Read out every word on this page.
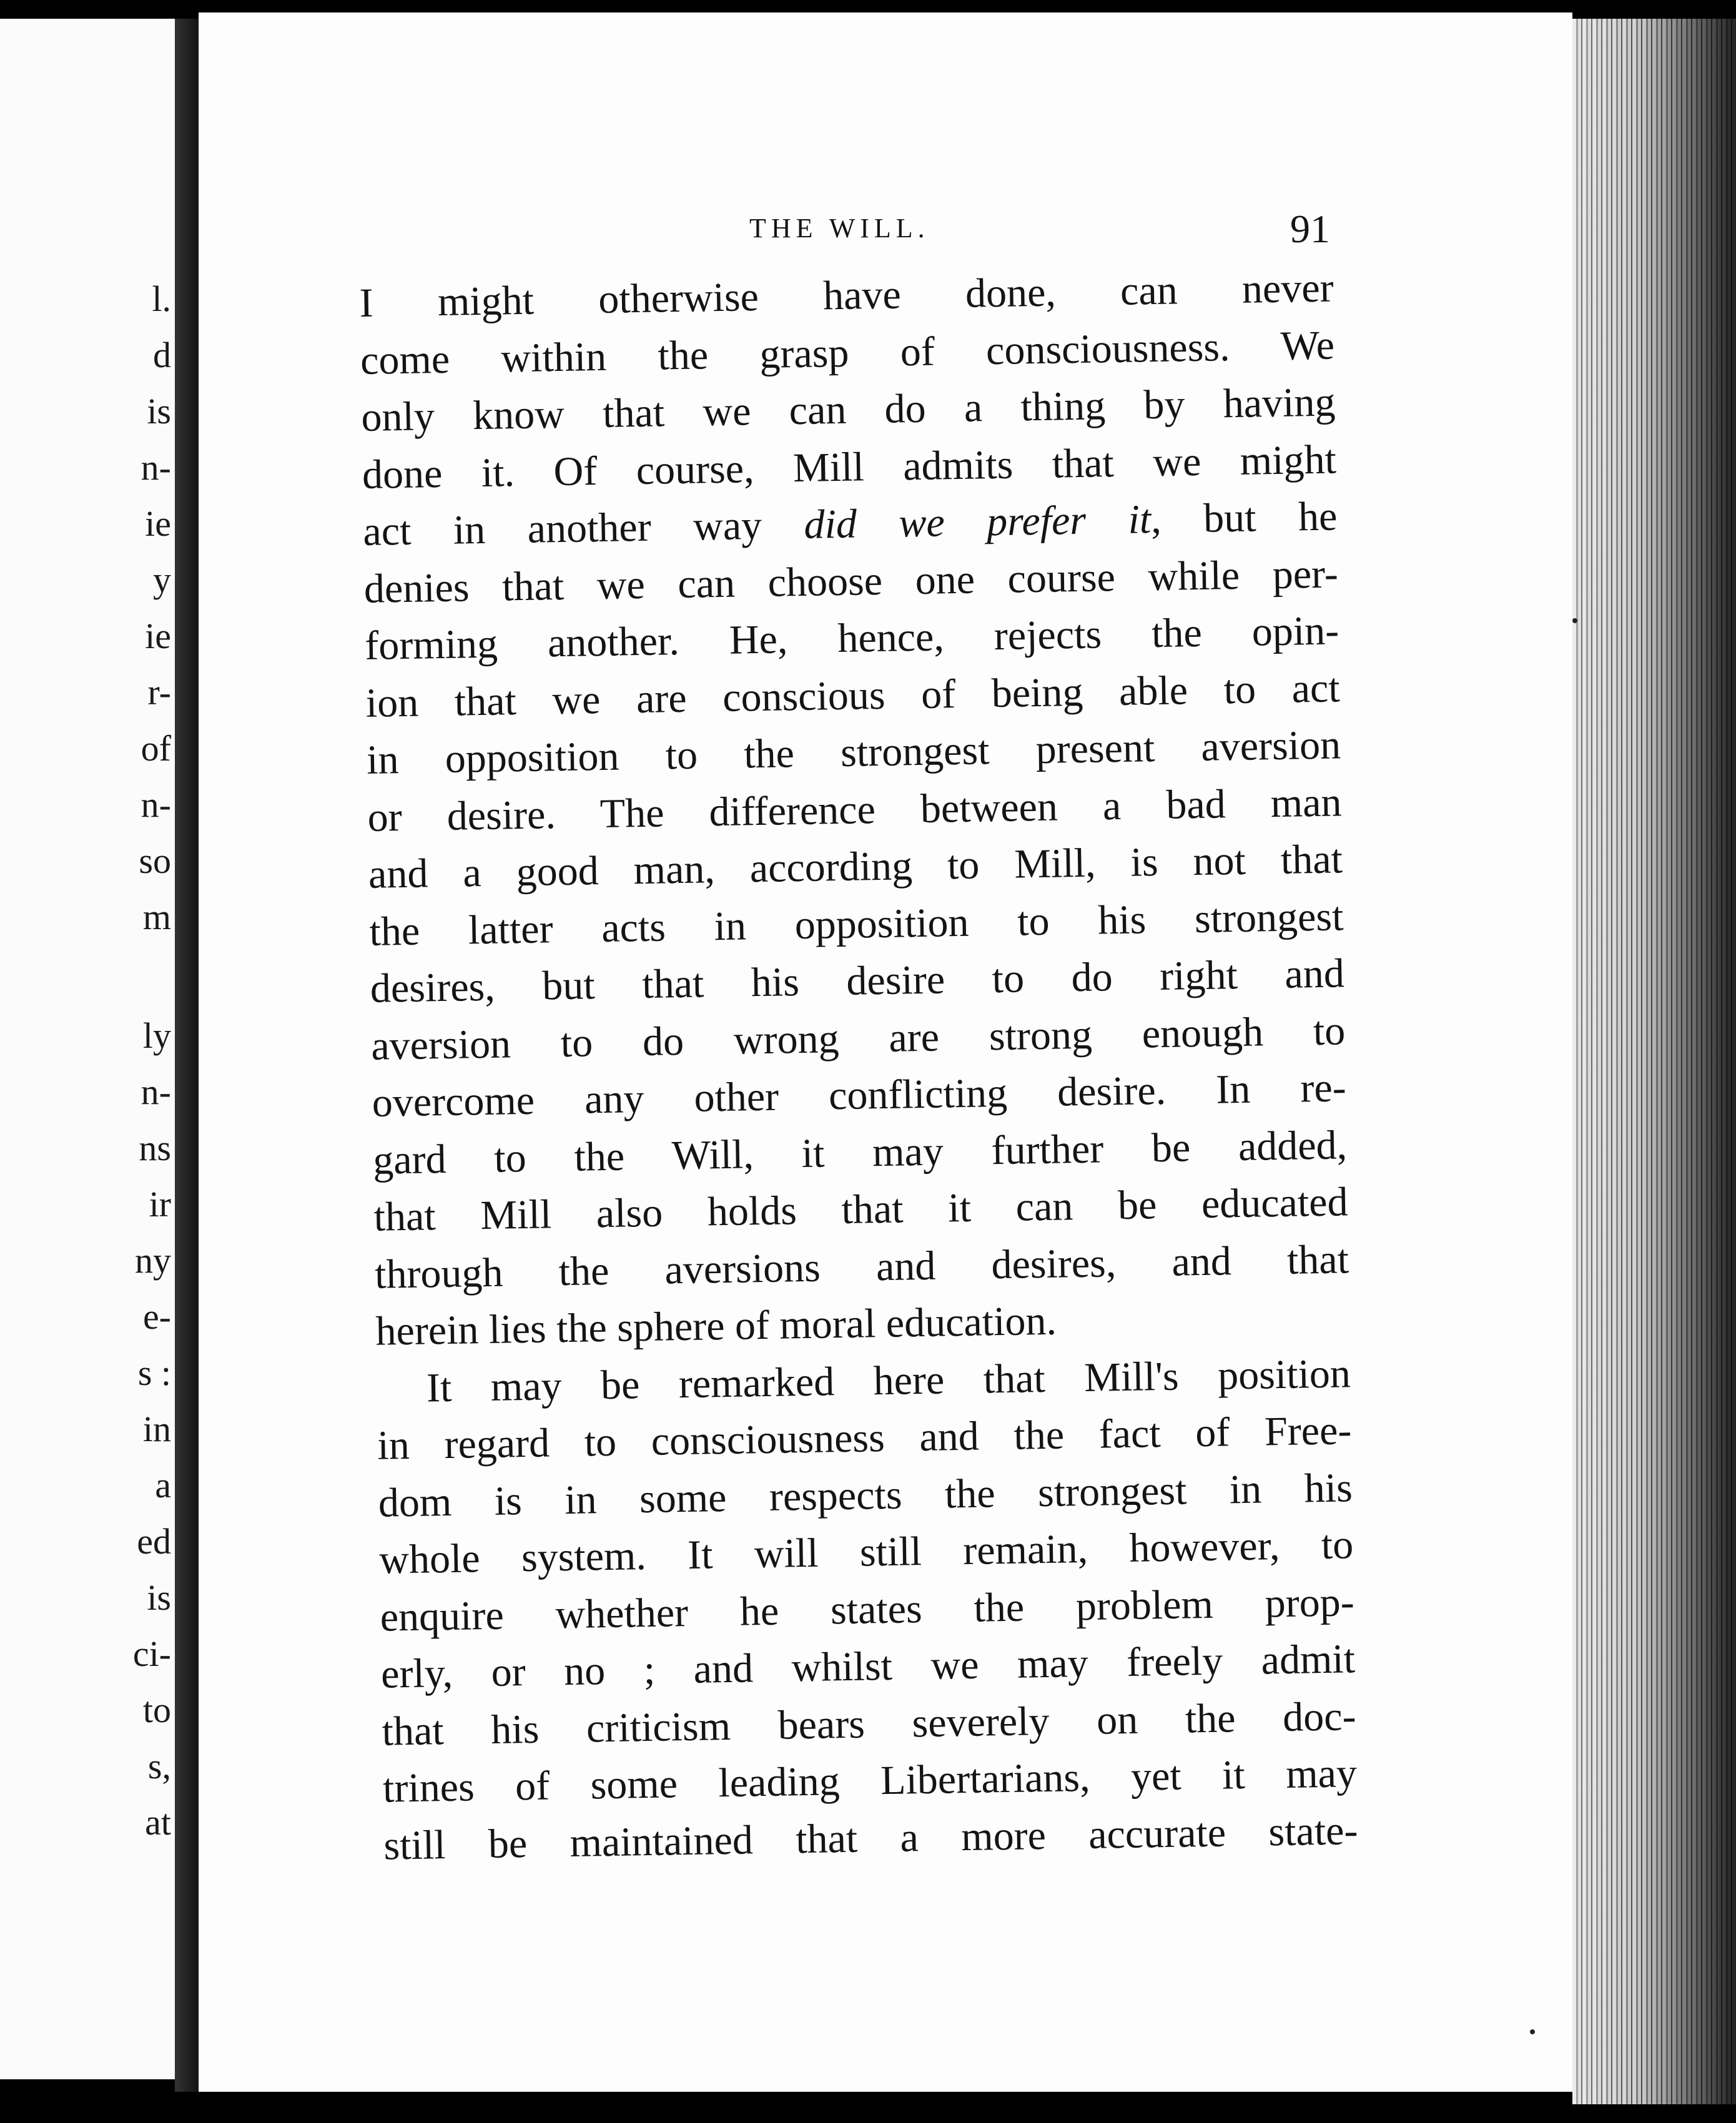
l.
d
is
n-
ie
y
ie
r-
of
n-
so
m
ly
n-
ns
ir
ny
e-
s :
in
a
ed
is
ci-
to
s,
at
THE WILL.	91
I might otherwise have done, can never
come within the grasp of consciousness. We
only know that we can do a thing by having
done it. Of course, Mill admits that we might
act in another way did we prefer it, but he
denies that we can choose one course while per-
forming another. He, hence, rejects the opin-
ion that we are conscious of being able to act
in opposition to the strongest present aversion
or desire. The difference between a bad man
and a good man, according to Mill, is not that
the latter acts in opposition to his strongest
desires, but that his desire to do right and
aversion to do wrong are strong enough to
overcome any other conflicting desire. In re-
gard to the Will, it may further be added,
that Mill also holds that it can be educated
through the aversions and desires, and that
herein lies the sphere of moral education.
It may be remarked here that Mill's position
in regard to consciousness and the fact of Free-
dom is in some respects the strongest in his
whole system. It will still remain, however, to
enquire whether he states the problem prop-
erly, or no ; and whilst we may freely admit
that his criticism bears severely on the doc-
trines of some leading Libertarians, yet it may
still be maintained that a more accurate state-
